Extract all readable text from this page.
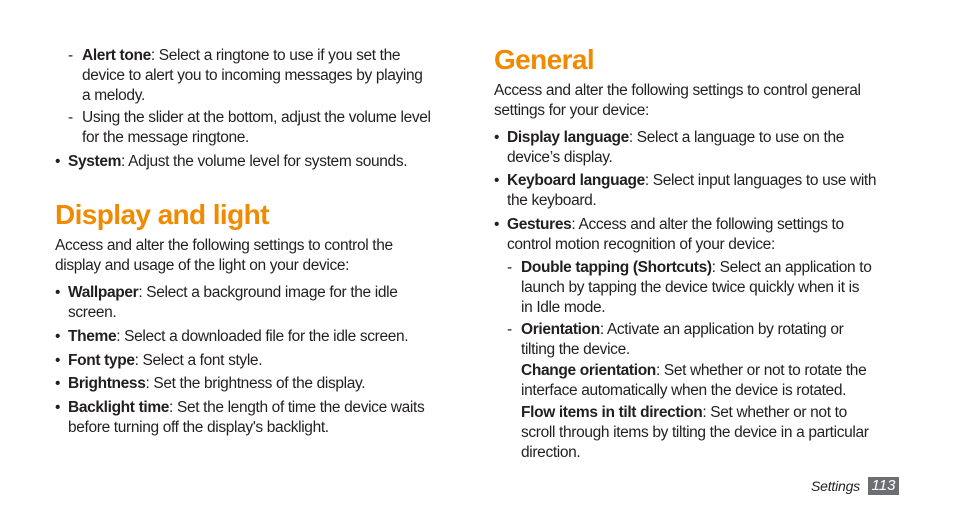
- Alert tone: Select a ringtone to use if you set the
device to alert you to incoming messages by playing
a melody.
- Using the slider at the bottom, adjust the volume level
for the message ringtone.
• System: Adjust the volume level for system sounds.
Display and light
Access and alter the following settings to control the
display and usage of the light on your device:
• Wallpaper: Select a background image for the idle
screen.
• Theme: Select a downloaded file for the idle screen.
• Font type: Select a font style.
• Brightness: Set the brightness of the display.
• Backlight time: Set the length of time the device waits
before turning off the display's backlight.
General
Access and alter the following settings to control general
settings for your device:
• Display language: Select a language to use on the
device’s display.
• Keyboard language: Select input languages to use with
the keyboard.
• Gestures: Access and alter the following settings to
control motion recognition of your device:
- Double tapping (Shortcuts): Select an application to
launch by tapping the device twice quickly when it is
in Idle mode.
- Orientation: Activate an application by rotating or
tilting the device.
Change orientation: Set whether or not to rotate the
interface automatically when the device is rotated.
Flow items in tilt direction: Set whether or not to
scroll through items by tilting the device in a particular
direction.
Settings 113
